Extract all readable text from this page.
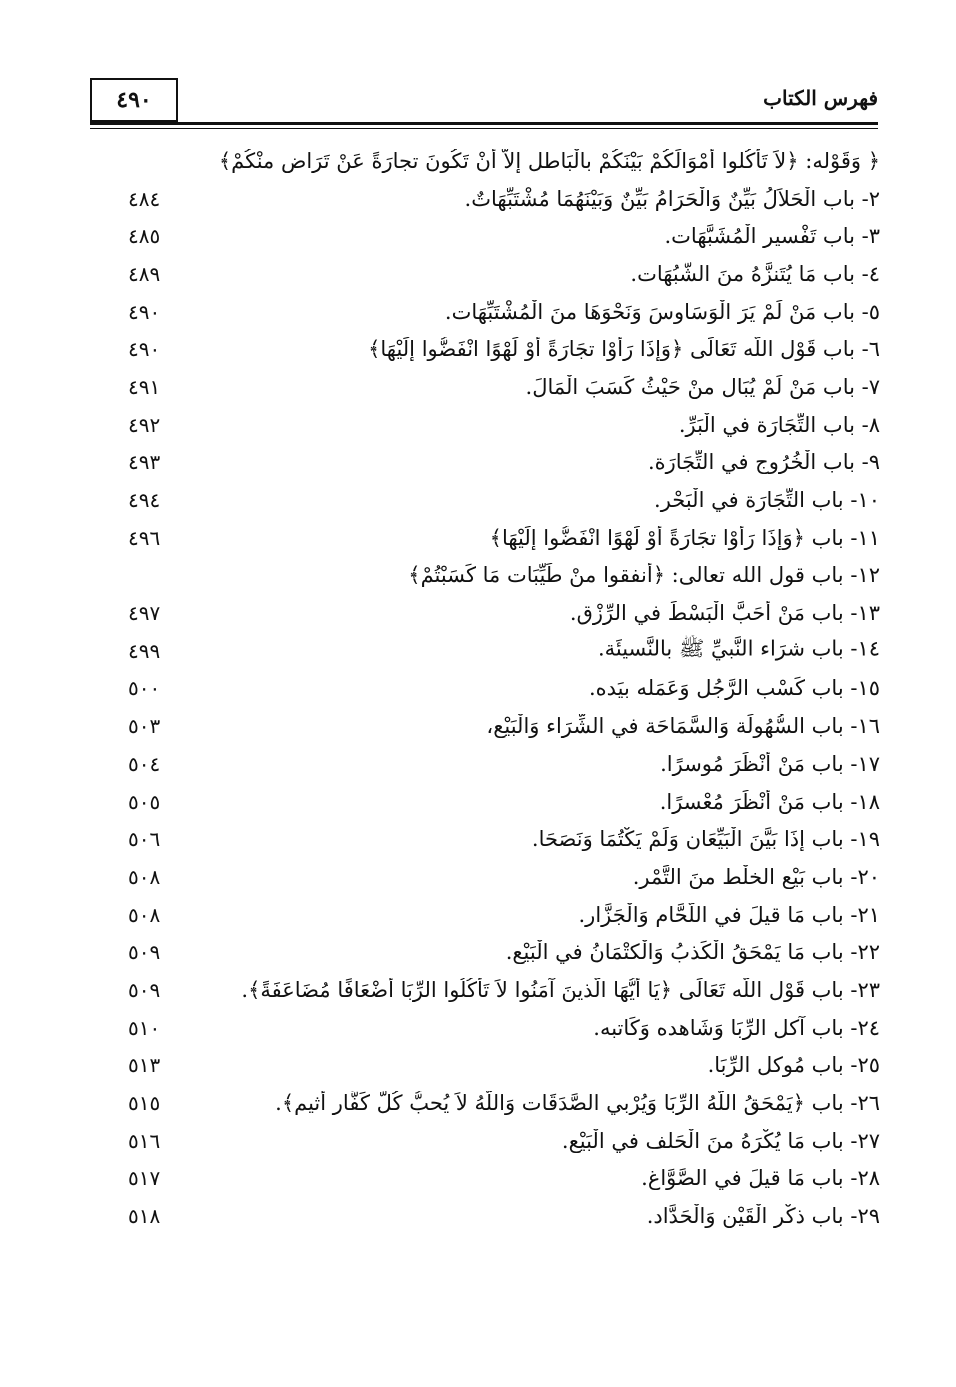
٤٩٠	فهرس الكتاب
﴿ وَقَوْله: ﴿لاَ تَأْكُلوا أَمْوَالَكُمْ بَيْنَكُمْ بالْبَاطلِ إلاَّ أَنْ تَكُونَ تجارَةً عَنْ تَرَاضٍ منْكُمْ﴾
٢- باب الْحَلاَلُ بَيِّنٌ وَالْحَرَامُ بَيِّنٌ وَبَيْنَهُمَا مُشْتَبِّهَاتٌ.
٤٨٤
٣- باب تَفْسير الْمُشَبَّهَات.
٤٨٥
٤- باب مَا يُتَنزَّهُ منَ الشُّبُهَات.
٤٨٩
٥- باب مَنْ لَمْ يَرَ الْوَسَاوسَ وَنَحْوَهَا منَ الْمُشْتَبِّهَات.
٤٩٠
٦- باب قَوْل اللَّه تَعَالَى ﴿وَإِذَا رَأَوْا تجَارَةً أَوْ لَهْوًا انْفَضُّوا إِلَيْهَا﴾
٤٩٠
٧- باب مَنْ لَمْ يُبَال منْ حَيْثُ كَسَبَ الْمَالَ.
٤٩١
٨- باب التِّجَارَة في الْبَرِّ.
٤٩٢
٩- باب الْخُرُوج في التِّجَارَة.
٤٩٣
١٠- باب التِّجَارَة في الْبَحْر.
٤٩٤
١١- باب ﴿وَإِذَا رَأَوْا تجَارَةً أَوْ لَهْوًا انْفَضُّوا إِلَيْهَا﴾
٤٩٦
١٢- باب قول الله تعالى: ﴿أنفقوا منْ طَيِّبَات مَا كَسَبْتُمْ﴾
١٣- باب مَنْ أَحَبَّ الْبَسْطَ في الرِّزْق.
٤٩٧
١٤- باب شرَاء النَّبيِّ ﷺ بالنَّسيئَة.
٤٩٩
١٥- باب كَسْب الرَّجُل وَعَمَله بيَده.
٥٠٠
١٦- باب السُّهُولَة وَالسَّمَاحَة في الشِّرَاء وَالْبَيْع،
٥٠٣
١٧- باب مَنْ أَنْظَرَ مُوسرًا.
٥٠٤
١٨- باب مَنْ أَنْظَرَ مُعْسرًا.
٥٠٥
١٩- باب إذَا بَيَّنَ الْبَيِّعَان وَلَمْ يَكْتُمَا وَنَصَحَا.
٥٠٦
٢٠- باب بَيْع الخلْط منَ التَّمْر.
٥٠٨
٢١- باب مَا قيلَ في اللَّحَّام وَالْجَزَّار.
٥٠٨
٢٢- باب مَا يَمْحَقُ الْكَذبُ وَالْكتْمَانُ في الْبَيْع.
٥٠٩
٢٣- باب قَوْل اللَّه تَعَالَى ﴿يَا أَيُّهَا الَّذينَ آمَنُوا لاَ تَأْكُلُوا الرِّبَا أَضْعَافًا مُضَاعَفَةً﴾.
٥٠٩
٢٤- باب آكل الرِّبَا وَشَاهده وَكَاتبه.
٥١٠
٢٥- باب مُوكل الرِّبَا.
٥١٣
٢٦- باب ﴿يَمْحَقُ اللَّهُ الرِّبَا وَيُرْبي الصَّدَقَات وَاللَّهُ لاَ يُحبُّ كُلَّ كَفَّارٍ أَثيمٍ﴾.
٥١٥
٢٧- باب مَا يُكْرَهُ منَ الْحَلف في الْبَيْع.
٥١٦
٢٨- باب مَا قيلَ في الصَّوَّاغ.
٥١٧
٢٩- باب ذكْر الْقَيْن وَالْحَدَّاد.
٥١٨
